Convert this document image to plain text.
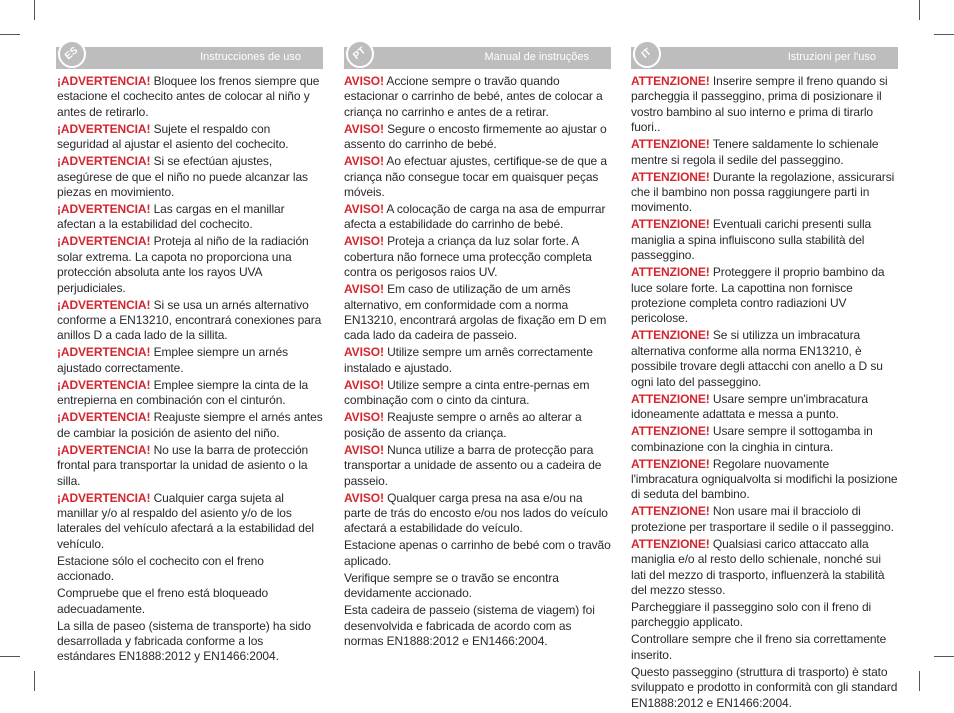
ES	Instrucciones de uso

¡ADVERTENCIA! Bloquee los frenos siempre que estacione el cochecito antes de colocar al niño y antes de retirarlo.

¡ADVERTENCIA! Sujete el respaldo con seguridad al ajustar el asiento del cochecito.

¡ADVERTENCIA! Si se efectúan ajustes, asegúrese de que el niño no puede alcanzar las piezas en movimiento.

¡ADVERTENCIA! Las cargas en el manillar afectan a la estabilidad del cochecito.

¡ADVERTENCIA! Proteja al niño de la radiación solar extrema. La capota no proporciona una protección absoluta ante los rayos UVA perjudiciales.

¡ADVERTENCIA! Si se usa un arnés alternativo conforme a EN13210, encontrará conexiones para anillos D a cada lado de la sillita.

¡ADVERTENCIA! Emplee siempre un arnés ajustado correctamente.

¡ADVERTENCIA! Emplee siempre la cinta de la entrepierna en combinación con el cinturón.

¡ADVERTENCIA! Reajuste siempre el arnés antes de cambiar la posición de asiento del niño.

¡ADVERTENCIA! No use la barra de protección frontal para transportar la unidad de asiento o la silla.

¡ADVERTENCIA! Cualquier carga sujeta al manillar y/o al respaldo del asiento y/o de los laterales del vehículo afectará a la estabilidad del vehículo.

Estacione sólo el cochecito con el freno accionado.

Compruebe que el freno está bloqueado adecuadamente.

La silla de paseo (sistema de transporte) ha sido desarrollada y fabricada conforme a los estándares EN1888:2012 y EN1466:2004.

PT	Manual de instruções

AVISO! Accione sempre o travão quando estacionar o carrinho de bebé, antes de colocar a criança no carrinho e antes de a retirar.

AVISO! Segure o encosto firmemente ao ajustar o assento do carrinho de bebé.

AVISO! Ao efectuar ajustes, certifique-se de que a criança não consegue tocar em quaisquer peças móveis.

AVISO! A colocação de carga na asa de empurrar afecta a estabilidade do carrinho de bebé.

AVISO! Proteja a criança da luz solar forte. A cobertura não fornece uma protecção completa contra os perigosos raios UV.

AVISO! Em caso de utilização de um arnês alternativo, em conformidade com a norma EN13210, encontrará argolas de fixação em D em cada lado da cadeira de passeio.

AVISO! Utilize sempre um arnês correctamente instalado e ajustado.

AVISO! Utilize sempre a cinta entre-pernas em combinação com o cinto da cintura.

AVISO! Reajuste sempre o arnês ao alterar a posição de assento da criança.

AVISO! Nunca utilize a barra de protecção para transportar a unidade de assento ou a cadeira de passeio.

AVISO! Qualquer carga presa na asa e/ou na parte de trás do encosto e/ou nos lados do veículo afectará a estabilidade do veículo.

Estacione apenas o carrinho de bebé com o travão aplicado.

Verifique sempre se o travão se encontra devidamente accionado.

Esta cadeira de passeio (sistema de viagem) foi desenvolvida e fabricada de acordo com as normas EN1888:2012 e EN1466:2004.

IT	Istruzioni per l'uso

ATTENZIONE! Inserire sempre il freno quando si parcheggia il passeggino, prima di posizionare il vostro bambino al suo interno e prima di tirarlo fuori..

ATTENZIONE! Tenere saldamente lo schienale mentre si regola il sedile del passeggino.

ATTENZIONE! Durante la regolazione, assicurarsi che il bambino non possa raggiungere parti in movimento.

ATTENZIONE! Eventuali carichi presenti sulla maniglia a spina influiscono sulla stabilità del passeggino.

ATTENZIONE! Proteggere il proprio bambino da luce solare forte. La capottina non fornisce protezione completa contro radiazioni UV pericolose.

ATTENZIONE! Se si utilizza un imbracatura alternativa conforme alla norma EN13210, è possibile trovare degli attacchi con anello a D su ogni lato del passeggino.

ATTENZIONE! Usare sempre un'imbracatura idoneamente adattata e messa a punto.

ATTENZIONE! Usare sempre il sottogamba in combinazione con la cinghia in cintura.

ATTENZIONE! Regolare nuovamente l'imbracatura ogniqualvolta si modifichi la posizione di seduta del bambino.

ATTENZIONE! Non usare mai il bracciolo di protezione per trasportare il sedile o il passeggino.

ATTENZIONE! Qualsiasi carico attaccato alla maniglia e/o al resto dello schienale, nonché sui lati del mezzo di trasporto, influenzerà la stabilità del mezzo stesso.

Parcheggiare il passeggino solo con il freno di parcheggio applicato.

Controllare sempre che il freno sia correttamente inserito.

Questo passeggino (struttura di trasporto) è stato sviluppato e prodotto in conformità con gli standard EN1888:2012 e EN1466:2004.
